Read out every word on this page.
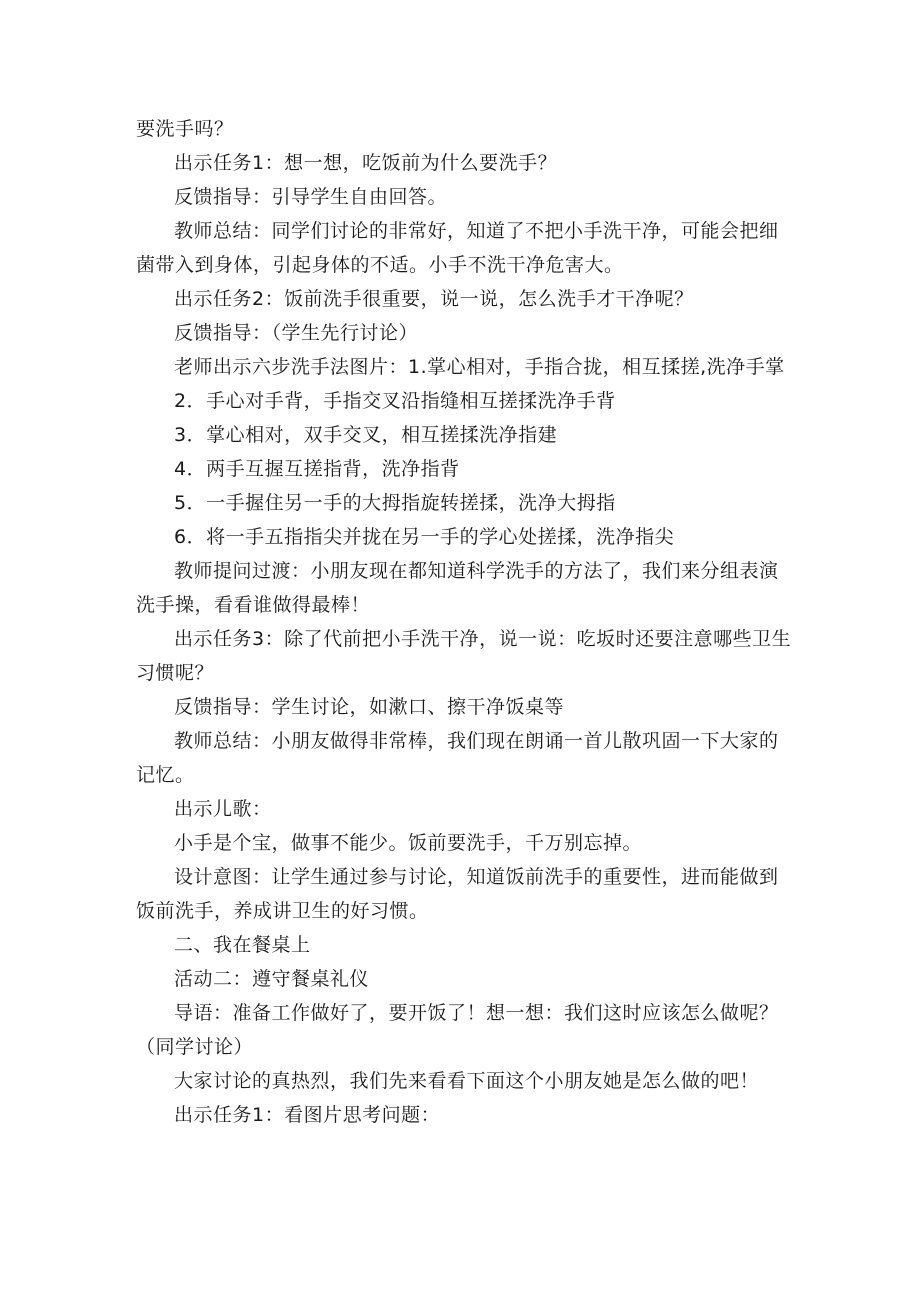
要洗手吗？

出示任务1：想一想，吃饭前为什么要洗手？

反馈指导：引导学生自由回答。

教师总结：同学们讨论的非常好，知道了不把小手洗干净，可能会把细菌带入到身体，引起身体的不适。小手不洗干净危害大。

出示任务2：饭前洗手很重要，说一说，怎么洗手才干净呢？

反馈指导：（学生先行讨论）

老师出示六步洗手法图片：1.掌心相对，手指合拢，相互揉搓,洗净手掌

2．手心对手背，手指交叉沿指缝相互搓揉洗净手背

3．掌心相对，双手交叉，相互搓揉洗净指建

4．两手互握互搓指背，洗净指背

5．一手握住另一手的大拇指旋转搓揉，洗净大拇指

6．将一手五指指尖并拢在另一手的学心处搓揉，洗净指尖

教师提问过渡：小朋友现在都知道科学洗手的方法了，我们来分组表演洗手操，看看谁做得最棒！

出示任务3：除了代前把小手洗干净，说一说：吃坂时还要注意哪些卫生习惯呢？

反馈指导：学生讨论，如漱口、擦干净饭桌等

教师总结：小朋友做得非常棒，我们现在朗诵一首儿散巩固一下大家的记忆。

出示儿歌：

小手是个宝，做事不能少。饭前要洗手，千万别忘掉。

设计意图：让学生通过参与讨论，知道饭前洗手的重要性，进而能做到饭前洗手，养成讲卫生的好习惯。

二、我在餐桌上

活动二：遵守餐桌礼仪

导语：准备工作做好了，要开饭了！想一想：我们这时应该怎么做呢？（同学讨论）

大家讨论的真热烈，我们先来看看下面这个小朋友她是怎么做的吧！

出示任务1：看图片思考问题：
